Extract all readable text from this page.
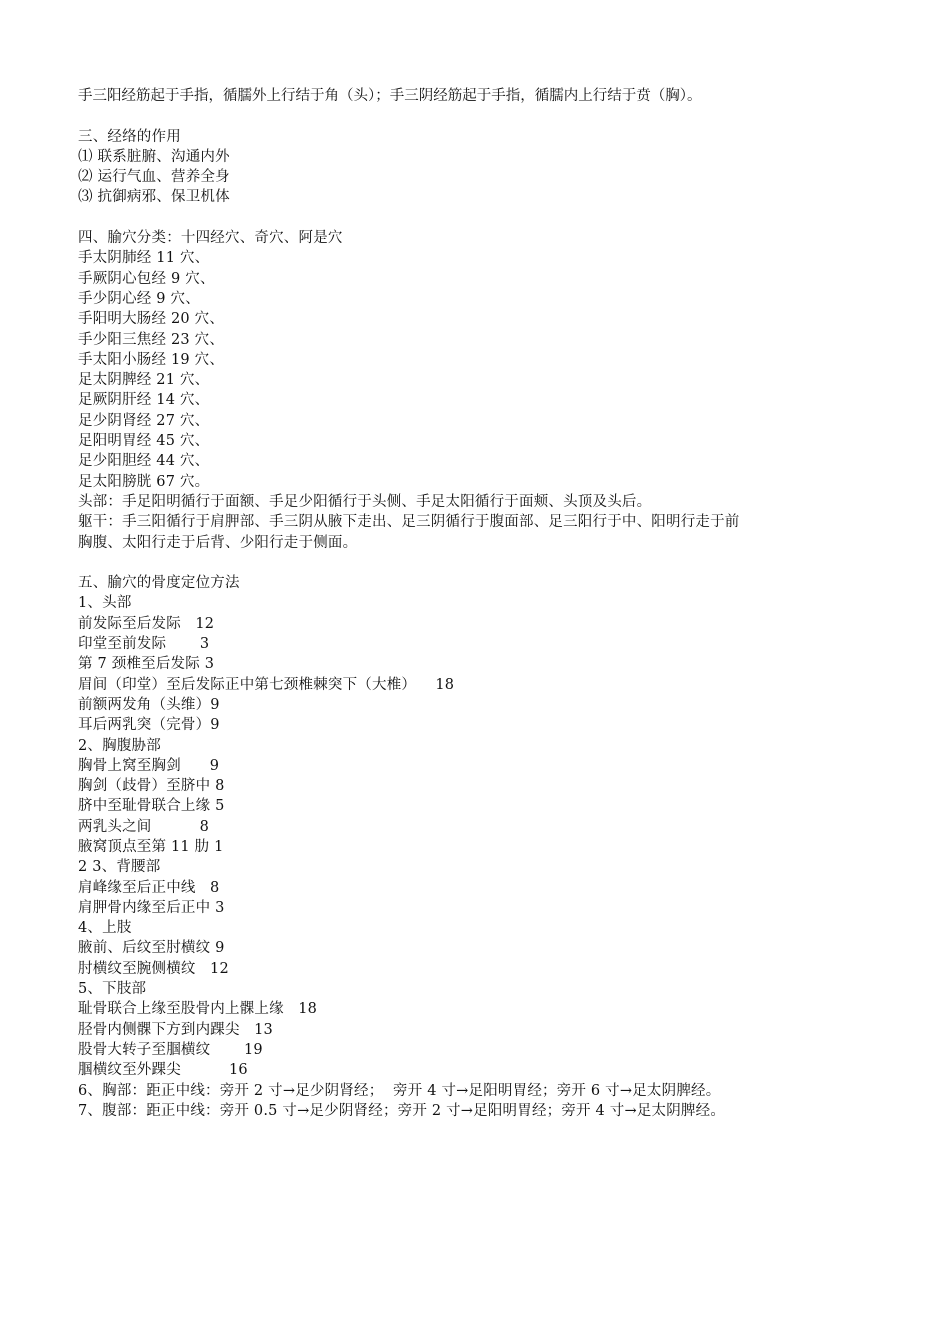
手三阳经筋起于手指，循臑外上行结于角（头）；手三阴经筋起于手指，循臑内上行结于贲（胸）。
三、经络的作用
⑴ 联系脏腑、沟通内外
⑵ 运行气血、营养全身
⑶ 抗御病邪、保卫机体
四、腧穴分类：十四经穴、奇穴、阿是穴
手太阴肺经 11 穴、
手厥阴心包经 9 穴、
手少阴心经 9 穴、
手阳明大肠经 20 穴、
手少阳三焦经 23 穴、
手太阳小肠经 19 穴、
足太阴脾经 21 穴、
足厥阴肝经 14 穴、
足少阴肾经 27 穴、
足阳明胃经 45 穴、
足少阳胆经 44 穴、
足太阳膀胱 67 穴。
头部：手足阳明循行于面额、手足少阳循行于头侧、手足太阳循行于面颊、头顶及头后。
躯干：手三阳循行于肩胛部、手三阴从腋下走出、足三阴循行于腹面部、足三阳行于中、阳明行走于前
胸腹、太阳行走于后背、少阳行走于侧面。
五、腧穴的骨度定位方法
1、头部
前发际至后发际   12
印堂至前发际       3
第 7 颈椎至后发际 3
眉间（印堂）至后发际正中第七颈椎棘突下（大椎）    18
前额两发角（头维）9
耳后两乳突（完骨）9
2、胸腹胁部
胸骨上窝至胸剑      9
胸剑（歧骨）至脐中 8
脐中至耻骨联合上缘 5
两乳头之间          8
腋窝顶点至第 11 肋 1
2 3、背腰部
肩峰缘至后正中线   8
肩胛骨内缘至后正中 3
4、上肢
腋前、后纹至肘横纹 9
肘横纹至腕侧横纹   12
5、下肢部
耻骨联合上缘至股骨内上髁上缘   18
胫骨内侧髁下方到内踝尖   13
股骨大转子至腘横纹       19
腘横纹至外踝尖          16
6、胸部：距正中线：旁开 2 寸→足少阴肾经；  旁开 4 寸→足阳明胃经；旁开 6 寸→足太阴脾经。
7、腹部：距正中线：旁开 0.5 寸→足少阴肾经；旁开 2 寸→足阳明胃经；旁开 4 寸→足太阴脾经。
